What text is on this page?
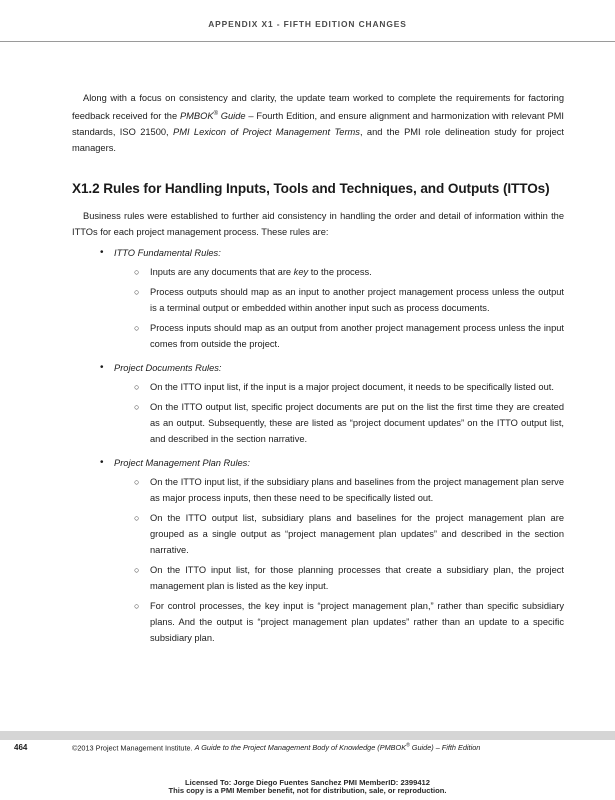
APPENDIX X1 - FIFTH EDITION CHANGES

Along with a focus on consistency and clarity, the update team worked to complete the requirements for factoring feedback received for the PMBOK® Guide – Fourth Edition, and ensure alignment and harmonization with relevant PMI standards, ISO 21500, PMI Lexicon of Project Management Terms, and the PMI role delineation study for project managers.

X1.2 Rules for Handling Inputs, Tools and Techniques, and Outputs (ITTOs)

Business rules were established to further aid consistency in handling the order and detail of information within the ITTOs for each project management process. These rules are:

• ITTO Fundamental Rules:
○ Inputs are any documents that are key to the process.
○ Process outputs should map as an input to another project management process unless the output is a terminal output or embedded within another input such as process documents.
○ Process inputs should map as an output from another project management process unless the input comes from outside the project.
• Project Documents Rules:
○ On the ITTO input list, if the input is a major project document, it needs to be specifically listed out.
○ On the ITTO output list, specific project documents are put on the list the first time they are created as an output. Subsequently, these are listed as “project document updates” on the ITTO output list, and described in the section narrative.
• Project Management Plan Rules:
○ On the ITTO input list, if the subsidiary plans and baselines from the project management plan serve as major process inputs, then these need to be specifically listed out.
○ On the ITTO output list, subsidiary plans and baselines for the project management plan are grouped as a single output as “project management plan updates” and described in the section narrative.
○ On the ITTO input list, for those planning processes that create a subsidiary plan, the project management plan is listed as the key input.
○ For control processes, the key input is “project management plan,” rather than specific subsidiary plans. And the output is “project management plan updates” rather than an update to a specific subsidiary plan.
464	©2013 Project Management Institute. A Guide to the Project Management Body of Knowledge (PMBOK® Guide) – Fifth Edition
Licensed To: Jorge Diego Fuentes Sanchez PMI MemberID: 2399412
This copy is a PMI Member benefit, not for distribution, sale, or reproduction.
